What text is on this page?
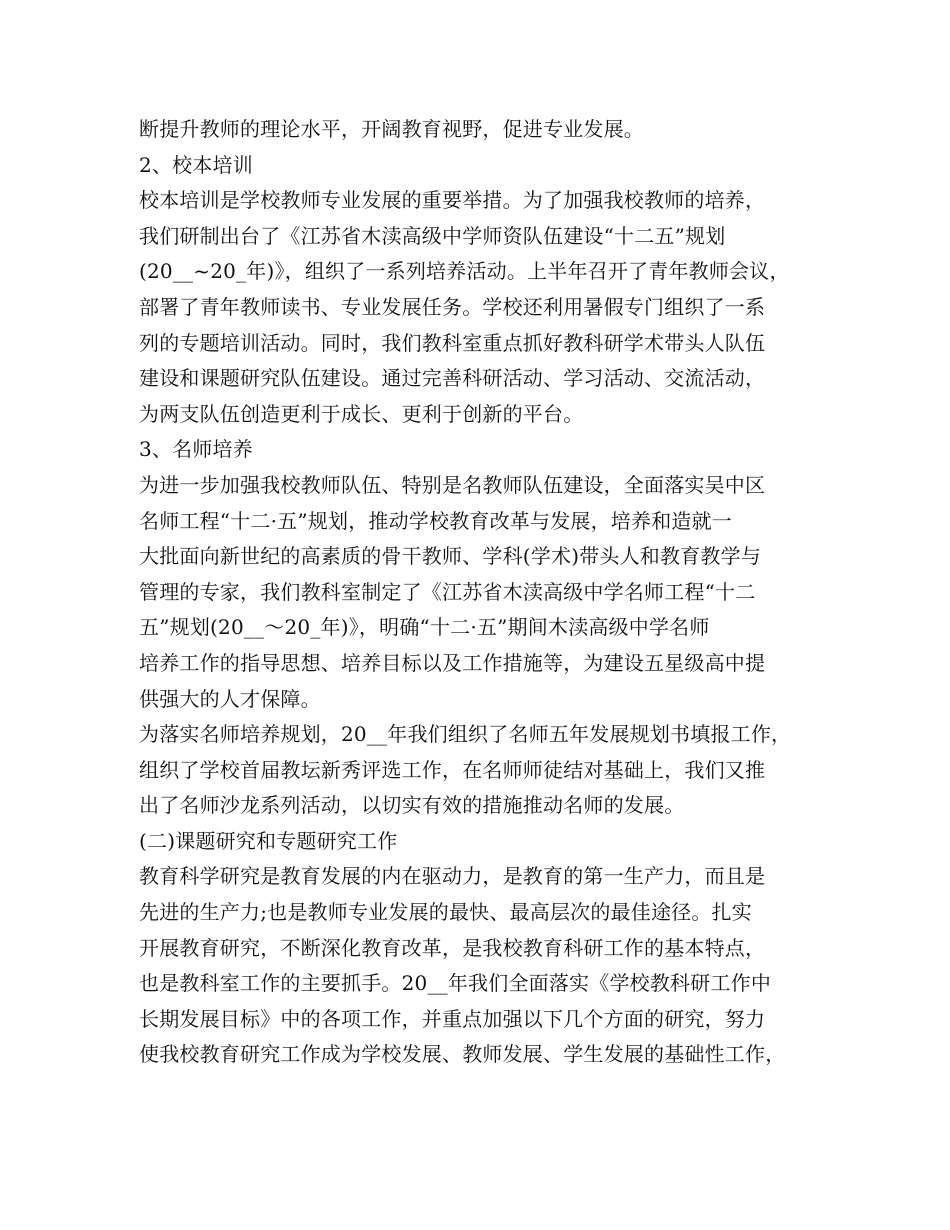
断提升教师的理论水平，开阔教育视野，促进专业发展。
2、校本培训
校本培训是学校教师专业发展的重要举措。为了加强我校教师的培养，
我们研制出台了《江苏省木渎高级中学师资队伍建设“十二五”规划
(20__~20_年)》，组织了一系列培养活动。上半年召开了青年教师会议，
部署了青年教师读书、专业发展任务。学校还利用暑假专门组织了一系
列的专题培训活动。同时，我们教科室重点抓好教科研学术带头人队伍
建设和课题研究队伍建设。通过完善科研活动、学习活动、交流活动，
为两支队伍创造更利于成长、更利于创新的平台。
3、名师培养
为进一步加强我校教师队伍、特别是名教师队伍建设，全面落实吴中区
名师工程“十二·五”规划，推动学校教育改革与发展，培养和造就一
大批面向新世纪的高素质的骨干教师、学科(学术)带头人和教育教学与
管理的专家，我们教科室制定了《江苏省木渎高级中学名师工程“十二
五”规划(20__～20_年)》，明确“十二·五”期间木渎高级中学名师
培养工作的指导思想、培养目标以及工作措施等，为建设五星级高中提
供强大的人才保障。
为落实名师培养规划，20__年我们组织了名师五年发展规划书填报工作，
组织了学校首届教坛新秀评选工作，在名师师徒结对基础上，我们又推
出了名师沙龙系列活动，以切实有效的措施推动名师的发展。
(二)课题研究和专题研究工作
教育科学研究是教育发展的内在驱动力，是教育的第一生产力，而且是
先进的生产力;也是教师专业发展的最快、最高层次的最佳途径。扎实
开展教育研究，不断深化教育改革，是我校教育科研工作的基本特点，
也是教科室工作的主要抓手。20__年我们全面落实《学校教科研工作中
长期发展目标》中的各项工作，并重点加强以下几个方面的研究，努力
使我校教育研究工作成为学校发展、教师发展、学生发展的基础性工作，
